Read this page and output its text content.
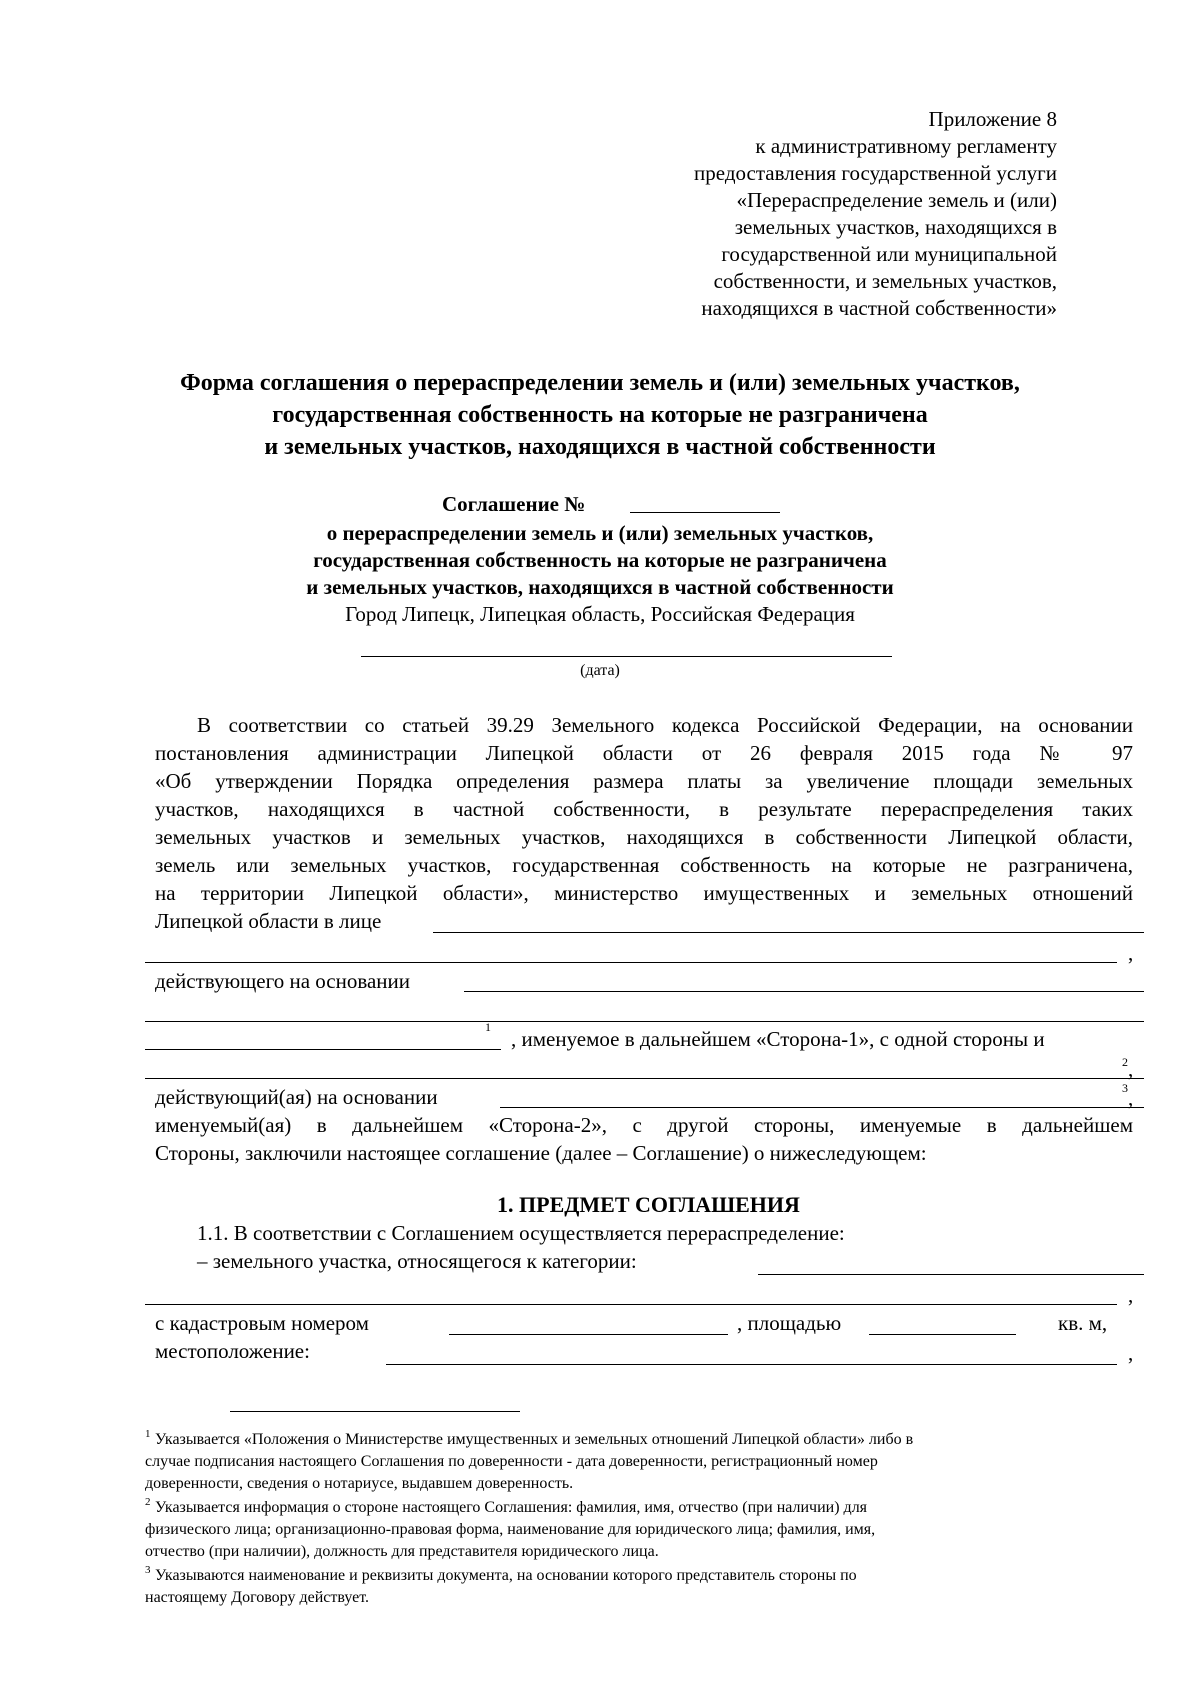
Приложение 8
к административному регламенту
предоставления государственной услуги
«Перераспределение земель и (или)
земельных участков, находящихся в
государственной или муниципальной
собственности, и земельных участков,
находящихся в частной собственности»
Форма соглашения о перераспределении земель и (или) земельных участков,
государственная собственность на которые не разграничена
и земельных участков, находящихся в частной собственности
Соглашение №
о перераспределении земель и (или) земельных участков,
государственная собственность на которые не разграничена
и земельных участков, находящихся в частной собственности
Город Липецк, Липецкая область, Российская Федерация
(дата)
В соответствии со статьей 39.29 Земельного кодекса Российской Федерации, на основании
постановления администрации Липецкой области от 26 февраля 2015 года № 97
«Об утверждении Порядка определения размера платы за увеличение площади земельных
участков, находящихся в частной собственности, в результате перераспределения таких
земельных участков и земельных участков, находящихся в собственности Липецкой области,
земель или земельных участков, государственная собственность на которые не разграничена,
на территории Липецкой области», министерство имущественных и земельных отношений
Липецкой области в лице
,
действующего на основании
1 , именуемое в дальнейшем «Сторона-1», с одной стороны и
2 ,
действующий(ая) на основании	3 ,
именуемый(ая) в дальнейшем «Сторона-2», с другой стороны, именуемые в дальнейшем
Стороны, заключили настоящее соглашение (далее – Соглашение) о нижеследующем:
1. ПРЕДМЕТ СОГЛАШЕНИЯ
1.1. В соответствии с Соглашением осуществляется перераспределение:
– земельного участка, относящегося к категории:
,
с кадастровым номером	, площадью	кв. м,
местоположение:	,
1 Указывается «Положения о Министерстве имущественных и земельных отношений Липецкой области» либо в
случае подписания настоящего Соглашения по доверенности - дата доверенности, регистрационный номер
доверенности, сведения о нотариусе, выдавшем доверенность.
2 Указывается информация о стороне настоящего Соглашения: фамилия, имя, отчество (при наличии) для
физического лица; организационно-правовая форма, наименование для юридического лица; фамилия, имя,
отчество (при наличии), должность для представителя юридического лица.
3 Указываются наименование и реквизиты документа, на основании которого представитель стороны по
настоящему Договору действует.
